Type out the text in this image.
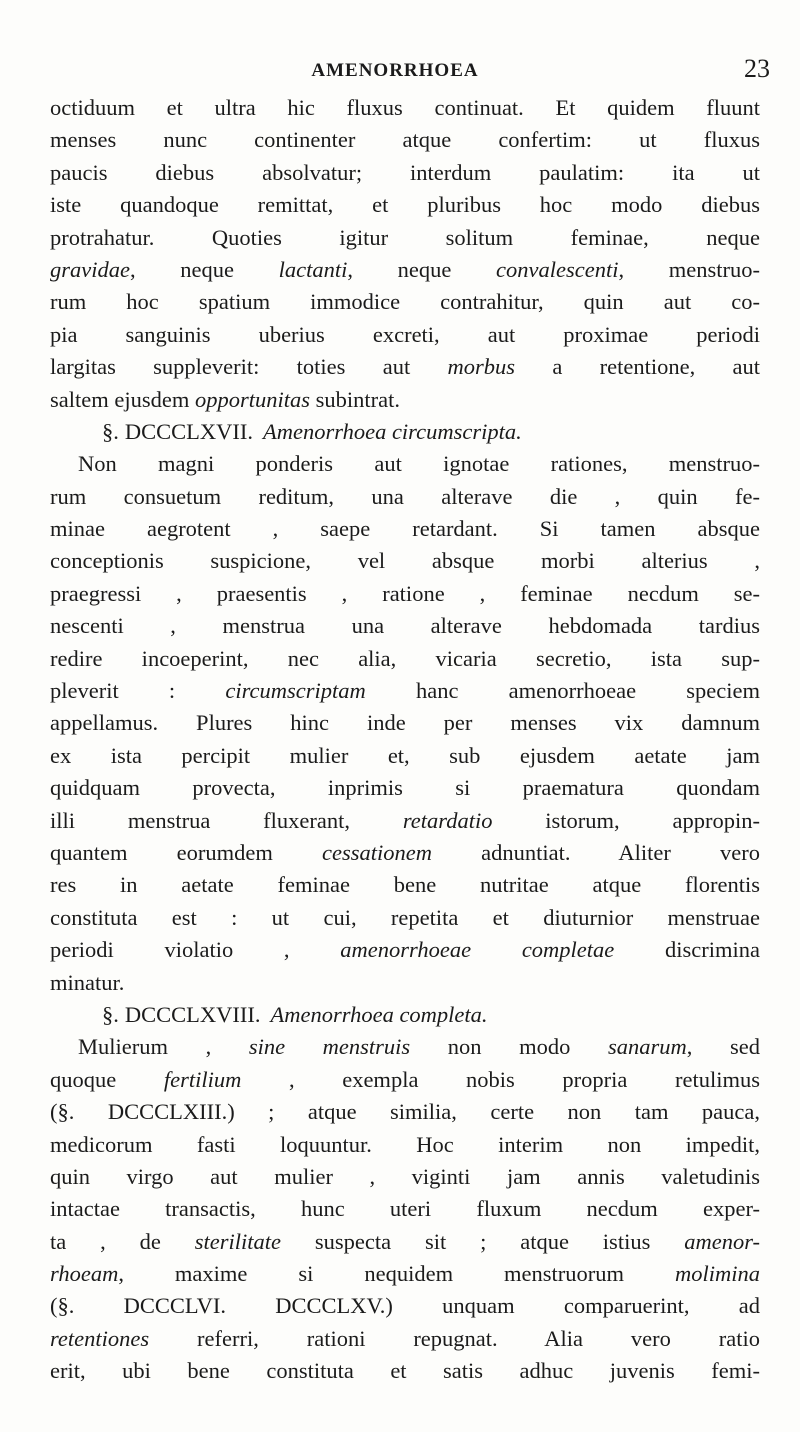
AMENORRHOEA	23
octiduum et ultra hic fluxus continuat. Et quidem fluunt
menses nunc continenter atque confertim: ut fluxus
paucis diebus absolvatur; interdum paulatim: ita ut
iste quandoque remittat, et pluribus hoc modo diebus
protrahatur. Quoties igitur solitum feminae, neque
gravidae, neque lactanti, neque convalescenti, menstruo-
rum hoc spatium immodice contrahitur, quin aut co-
pia sanguinis uberius excreti, aut proximae periodi
largitas suppleverit: toties aut morbus a retentione, aut
saltem ejusdem opportunitas subintrat.
§. DCCCLXVII. Amenorrhoea circumscripta.
Non magni ponderis aut ignotae rationes, menstruo-
rum consuetum reditum, una alterave die , quin fe-
minae aegrotent , saepe retardant. Si tamen absque
conceptionis suspicione, vel absque morbi alterius ,
praegressi , praesentis , ratione , feminae necdum se-
nescenti , menstrua una alterave hebdomada tardius
redire incoeperint, nec alia, vicaria secretio, ista sup-
pleverit : circumscriptam hanc amenorrhoeae speciem
appellamus. Plures hinc inde per menses vix damnum
ex ista percipit mulier et, sub ejusdem aetate jam
quidquam provecta, inprimis si praematura quondam
illi menstrua fluxerant, retardatio istorum, appropin-
quantem eorumdem cessationem adnuntiat. Aliter vero
res in aetate feminae bene nutritae atque florentis
constituta est : ut cui, repetita et diuturnior menstruae
periodi violatio , amenorrhoeae completae discrimina
minatur.
§. DCCCLXVIII. Amenorrhoea completa.
Mulierum , sine menstruis non modo sanarum, sed
quoque fertilium , exempla nobis propria retulimus
(§. DCCCLXIII.) ; atque similia, certe non tam pauca,
medicorum fasti loquuntur. Hoc interim non impedit,
quin virgo aut mulier , viginti jam annis valetudinis
intactae transactis, hunc uteri fluxum necdum exper-
ta , de sterilitate suspecta sit ; atque istius amenor-
rhoeam, maxime si nequidem menstruorum molimina
(§. DCCCLVI. DCCCLXV.) unquam comparuerint, ad
retentiones referri, rationi repugnat. Alia vero ratio
erit, ubi bene constituta et satis adhuc juvenis femi-
